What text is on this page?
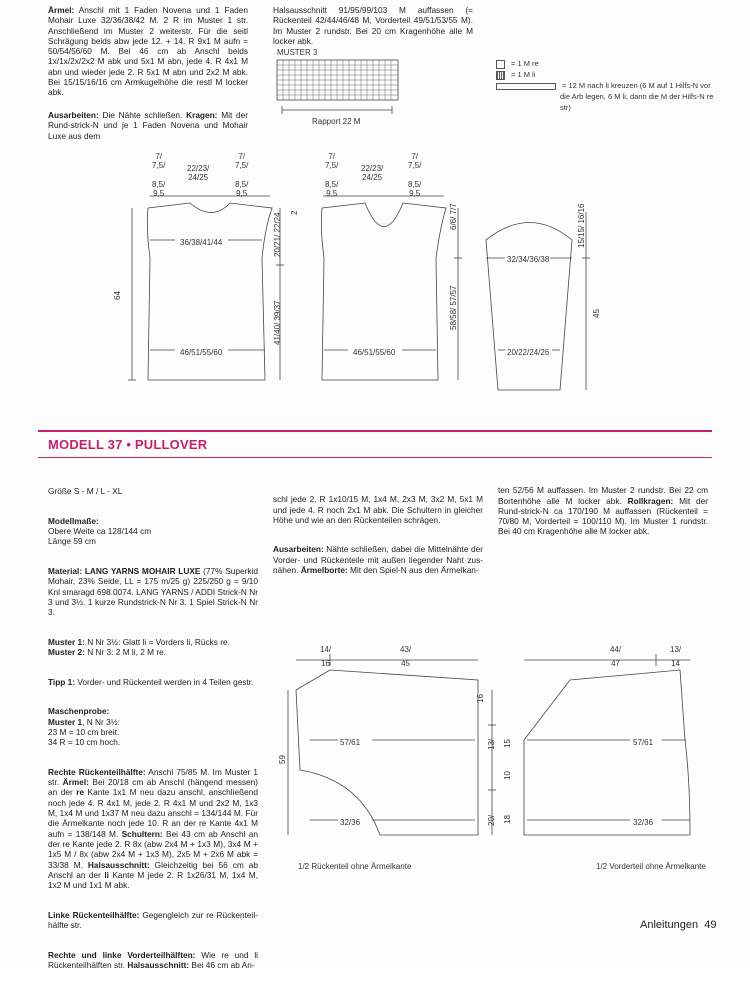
Ärmel: Anschl mit 1 Faden Novena und 1 Faden Mohair Luxe 32/36/38/42 M. 2 R im Muster 1 str. Anschließend im Muster 2 weiterstr. Für die seitl Schrägung beids abw jede 12. + 14. R 9x1 M aufn = 50/54/56/60 M. Bei 46 cm ab Anschl beids 1x/1x/2x/2x2 M abk und 5x1 M abn, jede 4. R 4x1 M abn und wieder jede 2. R 5x1 M abn und 2x2 M abk. Bei 15/15/16/16 cm Armkugelhöhe die restl M locker abk.
Ausarbeiten: Die Nähte schließen. Kragen: Mit der Rund-strick-N und je 1 Faden Novena und Mohair Luxe aus dem
Halsausschnitt 91/95/99/103 M auffassen (= Rückenteil 42/44/46/48 M, Vorderteil 49/51/53/55 M). Im Muster 2 rundstr. Bei 20 cm Kragenhöhe alle M locker abk.
MUSTER 3
Rapport 22 M
= 1 M re
= 1 M li
= 12 M nach li kreuzen (6 M auf 1 Hilfs-N vor die Arb legen, 6 M li, dann die M der Hilfs-N re str)
7/
7,5/	22/23/
24/25
7/
7,5/
8,5/
9,5
8,5/
9,5
36/38/41/44
46/51/55/60
64
20/21/ 22/24
41/40/ 39/37
2
7/
7,5/	22/23/
24/25
7/
7,5/
8,5/
9,5
8,5/
9,5
46/51/55/60
6/6/ 7/7
58/58/ 57/57
15/15/ 16/16
32/34/36/38
20/22/24/26
45
MODELL 37 • PULLOVER

Größe S - M / L - XL

Modellmaße:
Obere Weite ca 128/144 cm
Länge 59 cm

Material: LANG YARNS MOHAIR LUXE (77% Superkid Mohair, 23% Seide, LL = 175 m/25 g) 225/250 g = 9/10 Knl smaragd 698.0074. LANG YARNS / ADDI Strick-N Nr 3 und 3½. 1 kurze Rundstrick-N Nr 3. 1 Spiel Strick-N Nr 3.

Muster 1: N Nr 3½: Glatt li = Vorders li, Rücks re.
Muster 2: N Nr 3: 2 M li, 2 M re.

Tipp 1: Vorder- und Rückenteil werden in 4 Teilen gestr.

Maschenprobe:
Muster 1, N Nr 3½:
23 M = 10 cm breit.
34 R = 10 cm hoch.

Rechte Rückenteilhälfte: Anschl 75/85 M. Im Muster 1 str. Ärmel: Bei 20/18 cm ab Anschl (hängend messen) an der re Kante 1x1 M neu dazu anschl, anschließend noch jede 4. R 4x1 M, jede 2. R 4x1 M und 2x2 M, 1x3 M, 1x4 M und 1x37 M neu dazu anschl = 134/144 M. Für die Ärmelkante noch jede 10. R an der re Kante 4x1 M aufn = 138/148 M. Schultern: Bei 43 cm ab Anschl an der re Kante jede 2. R 8x (abw 2x4 M + 1x3 M), 3x4 M + 1x5 M / 8x (abw 2x4 M + 1x3 M), 2x5 M + 2x6 M abk = 33/38 M. Halsausschnitt: Gleichzeitig bei 56 cm ab Anschl an der li Kante M jede 2. R 1x26/31 M, 1x4 M, 1x2 M und 1x1 M abk.

Linke Rückenteilhälfte: Gegengleich zur re Rückenteil-hälfte str.

Rechte und linke Vorderteilhälften: Wie re und li Rückenteilhälften str. Halsausschnitt: Bei 46 cm ab An-

schl jede 2. R 1x10/15 M, 1x4 M, 2x3 M, 3x2 M, 5x1 M und jede 4. R noch 2x1 M abk. Die Schultern in gleicher Höhe und wie an den Rückenteilen schrägen.

Ausarbeiten: Nähte schließen, dabei die Mittelnähte der Vorder- und Rückenteile mit außen liegender Naht zus-nähen. Ärmelborte: Mit den Spiel-N aus den Ärmelkan-

ten 52/56 M auffassen. Im Muster 2 rundstr. Bei 22 cm Bortenhöhe alle M locker abk. Rollkragen: Mit der Rund-strick-N ca 170/190 M auffassen (Rückenteil = 70/80 M, Vorderteil = 100/110 M). Im Muster 1 rundstr. Bei 40 cm Kragenhöhe alle M locker abk.

14/
16
43/
45
57/61
32/36
59
16
13/ 15
10
20/ 18
1/2 Rückenteil ohne Ärmelkante
44/
47
13/
14
57/61
32/36
1/2 Vorderteil ohne Ärmelkante
Anleitungen 49
